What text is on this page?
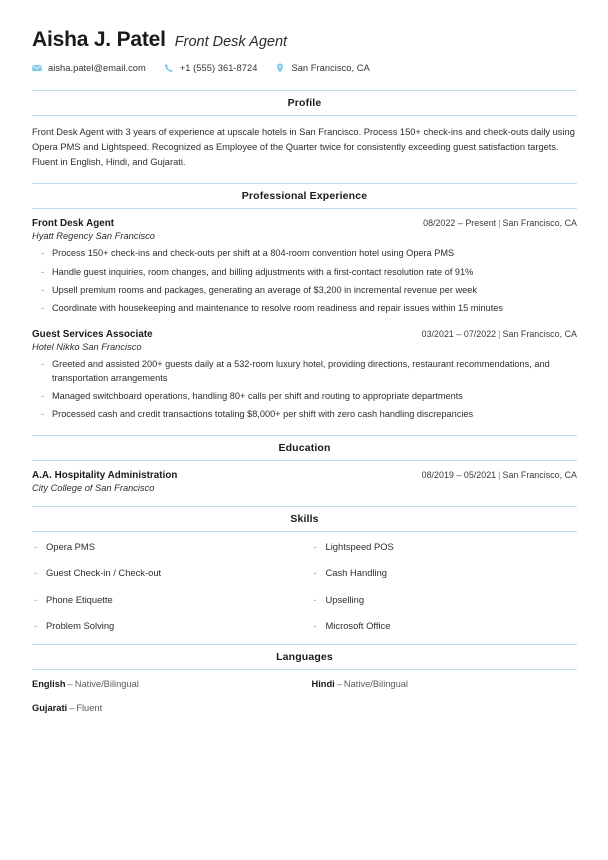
Aisha J. Patel Front Desk Agent
aisha.patel@email.com	+1 (555) 361-8724	San Francisco, CA
Profile
Front Desk Agent with 3 years of experience at upscale hotels in San Francisco. Process 150+ check-ins and check-outs daily using Opera PMS and Lightspeed. Recognized as Employee of the Quarter twice for consistently exceeding guest satisfaction targets. Fluent in English, Hindi, and Gujarati.
Professional Experience
Front Desk Agent	08/2022 – Present | San Francisco, CA
Hyatt Regency San Francisco
- Process 150+ check-ins and check-outs per shift at a 804-room convention hotel using Opera PMS
- Handle guest inquiries, room changes, and billing adjustments with a first-contact resolution rate of 91%
- Upsell premium rooms and packages, generating an average of $3,200 in incremental revenue per week
- Coordinate with housekeeping and maintenance to resolve room readiness and repair issues within 15 minutes
Guest Services Associate	03/2021 – 07/2022 | San Francisco, CA
Hotel Nikko San Francisco
- Greeted and assisted 200+ guests daily at a 532-room luxury hotel, providing directions, restaurant recommendations, and transportation arrangements
- Managed switchboard operations, handling 80+ calls per shift and routing to appropriate departments
- Processed cash and credit transactions totaling $8,000+ per shift with zero cash handling discrepancies
Education
A.A. Hospitality Administration	08/2019 – 05/2021 | San Francisco, CA
City College of San Francisco
Skills
- Opera PMS
- Guest Check-in / Check-out
- Phone Etiquette
- Problem Solving
- Lightspeed POS
- Cash Handling
- Upselling
- Microsoft Office
Languages
English – Native/Bilingual	Hindi – Native/Bilingual
Gujarati – Fluent
